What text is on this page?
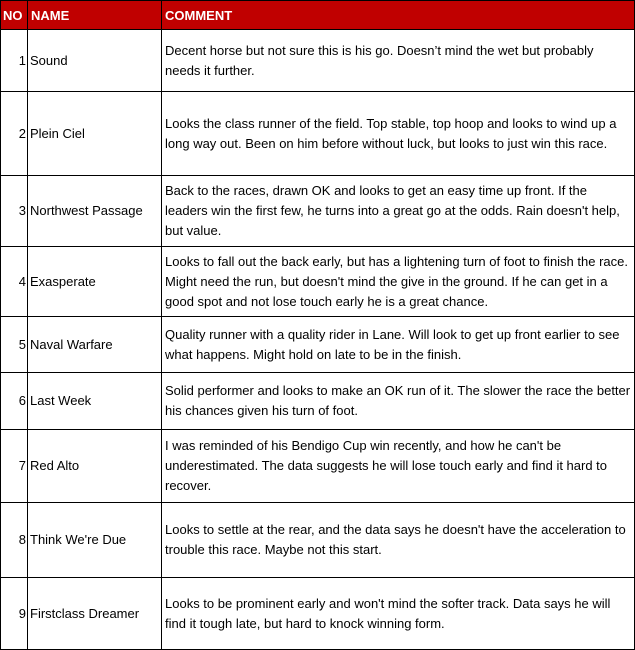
NO	NAME	COMMENT
1	Sound	Decent horse but not sure this is his go. Doesn’t mind the wet but probably needs it further.
2	Plein Ciel	Looks the class runner of the field. Top stable, top hoop and looks to wind up a long way out. Been on him before without luck, but looks to just win this race.
3	Northwest Passage	Back to the races, drawn OK and looks to get an easy time up front. If the leaders win the first few, he turns into a great go at the odds. Rain doesn't help, but value.
4	Exasperate	Looks to fall out the back early, but has a lightening turn of foot to finish the race. Might need the run, but doesn't mind the give in the ground. If he can get in a good spot and not lose touch early he is a great chance.
5	Naval Warfare	Quality runner with a quality rider in Lane. Will look to get up front earlier to see what happens. Might hold on late to be in the finish.
6	Last Week	Solid performer and looks to make an OK run of it. The slower the race the better his chances given his turn of foot.
7	Red Alto	I was reminded of his Bendigo Cup win recently, and how he can't be underestimated. The data suggests he will lose touch early and find it hard to recover.
8	Think We're Due	Looks to settle at the rear, and the data says he doesn't have the acceleration to trouble this race. Maybe not this start.
9	Firstclass Dreamer	Looks to be prominent early and won't mind the softer track. Data says he will find it tough late, but hard to knock winning form.
